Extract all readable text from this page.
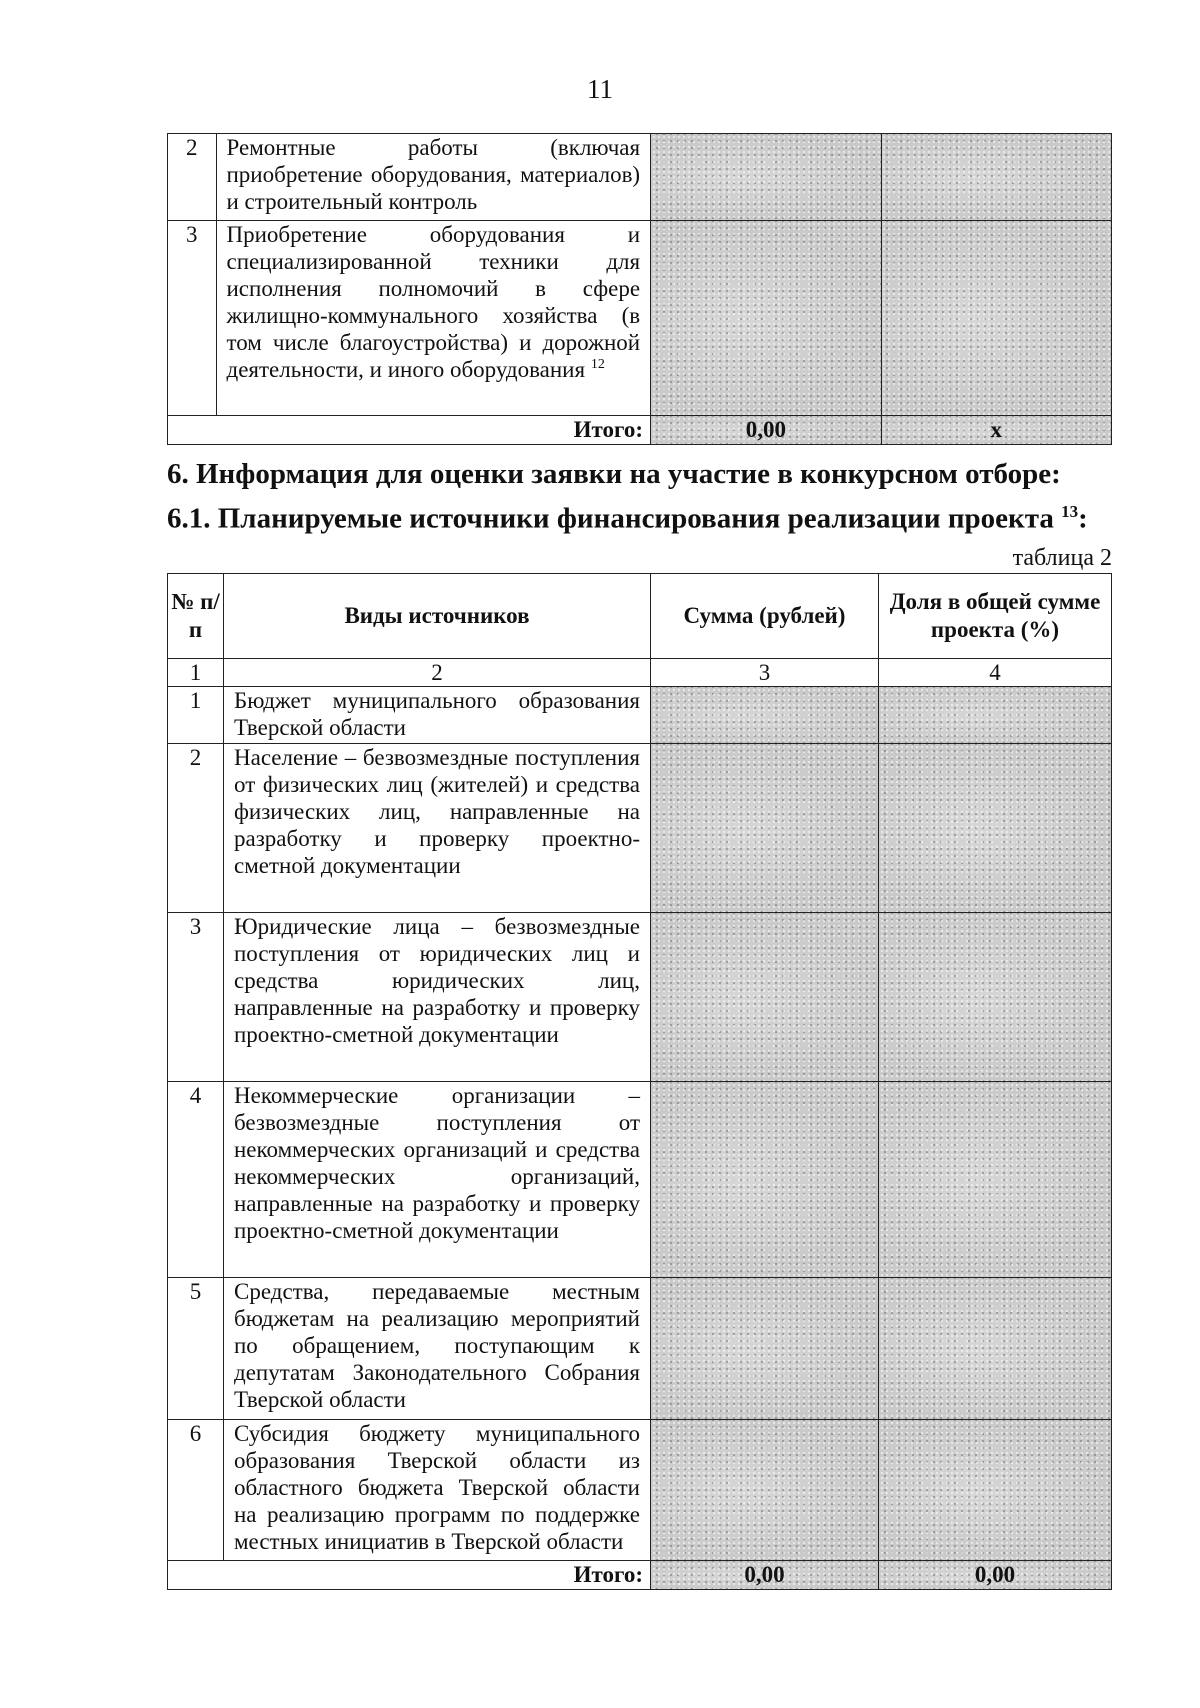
11
2	Ремонтные работы (включая приобретение оборудования, материалов) и строительный контроль		
3	Приобретение оборудования и специализированной техники для исполнения полномочий в сфере жилищно-коммунального хозяйства (в том числе благоустройства) и дорожной деятельности, и иного оборудования $^{12}$		
Итого:		0,00	x
6. Информация для оценки заявки на участие в конкурсном отборе:
6.1. Планируемые источники финансирования реализации проекта $^{13}$:
таблица 2
№ п/п	Виды источников	Сумма (рублей)	Доля в общей сумме проекта (%)
1	2	3	4
1	Бюджет муниципального образования Тверской области		
2	Население – безвозмездные поступления от физических лиц (жителей) и средства физических лиц, направленные на разработку и проверку проектно-сметной документации		
3	Юридические лица – безвозмездные поступления от юридических лиц и средства юридических лиц, направленные на разработку и проверку проектно-сметной документации		
4	Некоммерческие организации – безвозмездные поступления от некоммерческих организаций и средства некоммерческих организаций, направленные на разработку и проверку проектно-сметной документации		
5	Средства, передаваемые местным бюджетам на реализацию мероприятий по обращением, поступающим к депутатам Законодательного Собрания Тверской области		
6	Субсидия бюджету муниципального образования Тверской области из областного бюджета Тверской области на реализацию программ по поддержке местных инициатив в Тверской области		
Итого:		0,00	0,00
